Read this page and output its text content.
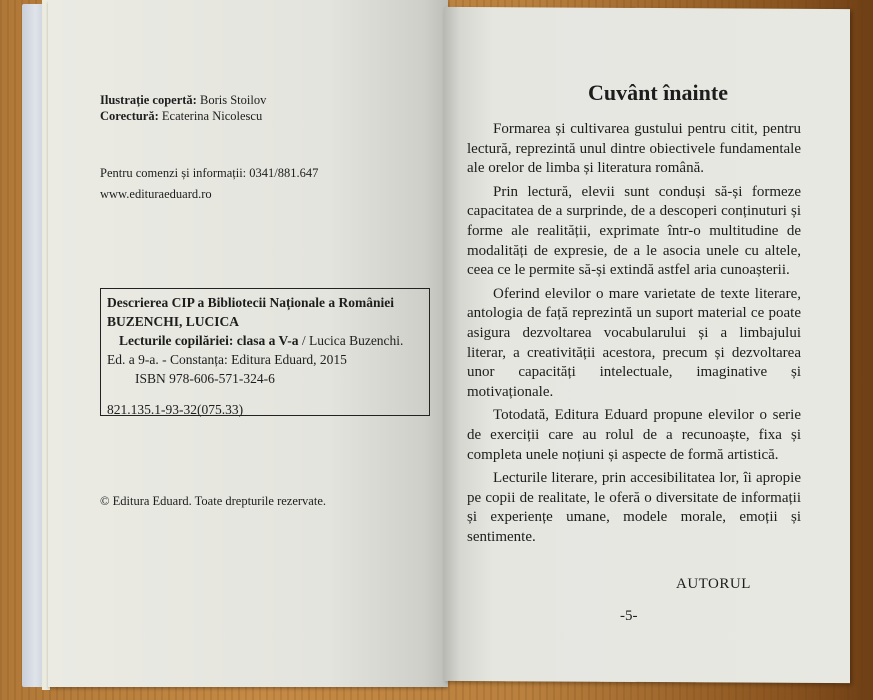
Ilustrație copertă: Boris Stoilov
Corectură: Ecaterina Nicolescu
Pentru comenzi și informații: 0341/881.647
www.edituraeduard.ro
Descrierea CIP a Bibliotecii Naționale a României
BUZENCHI, LUCICA
Lecturile copilăriei: clasa a V-a / Lucica Buzenchi.
Ed. a 9-a. - Constanța: Editura Eduard, 2015
ISBN 978-606-571-324-6
821.135.1-93-32(075.33)
© Editura Eduard. Toate drepturile rezervate.
Cuvânt înainte

Formarea și cultivarea gustului pentru citit, pentru lectură, reprezintă unul dintre obiectivele fundamentale ale orelor de limba și literatura română.

Prin lectură, elevii sunt conduși să-și formeze capacitatea de a surprinde, de a descoperi conținuturi și forme ale realității, exprimate într-o multitudine de modalități de expresie, de a le asocia unele cu altele, ceea ce le permite să-și extindă astfel aria cunoașterii.

Oferind elevilor o mare varietate de texte literare, antologia de față reprezintă un suport material ce poate asigura dezvoltarea vocabularului și a limbajului literar, a creativității acestora, precum și dezvoltarea unor capacități intelectuale, imaginative și motivaționale.

Totodată, Editura Eduard propune elevilor o serie de exerciții care au rolul de a recunoaște, fixa și completa unele noțiuni și aspecte de formă artistică.

Lecturile literare, prin accesibilitatea lor, îi apropie pe copii de realitate, le oferă o diversitate de informații și experiențe umane, modele morale, emoții și sentimente.

AUTORUL
-5-
